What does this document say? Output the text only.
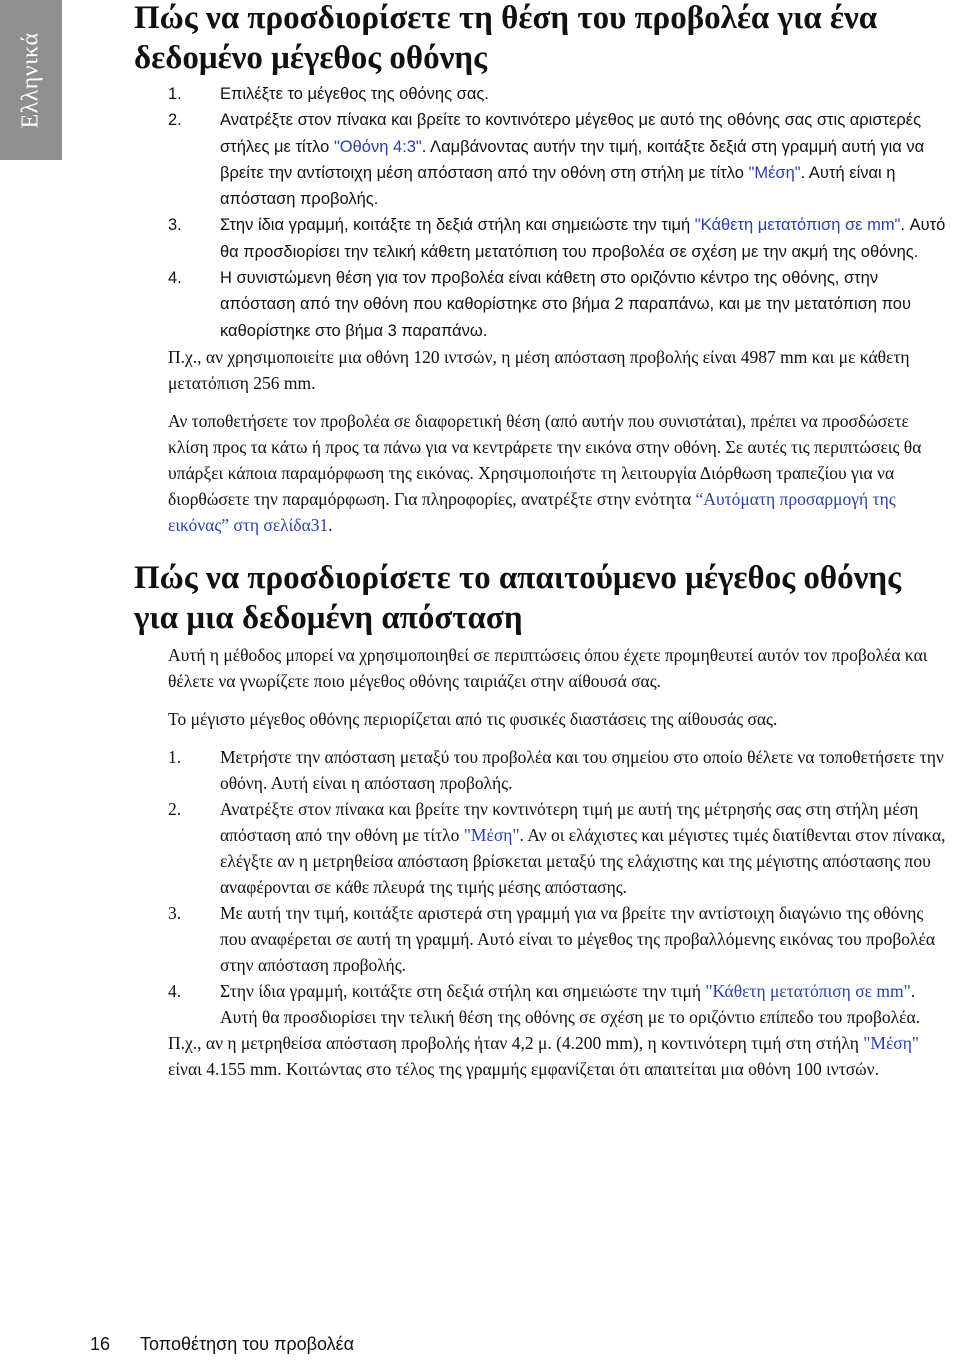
Ελληνικά
Πώς να προσδιορίσετε τη θέση του προβολέα για ένα δεδομένο μέγεθος οθόνης
1. Επιλέξτε το μέγεθος της οθόνης σας.
2. Ανατρέξτε στον πίνακα και βρείτε το κοντινότερο μέγεθος με αυτό της οθόνης σας στις αριστερές στήλες με τίτλο "Οθόνη 4:3". Λαμβάνοντας αυτήν την τιμή, κοιτάξτε δεξιά στη γραμμή αυτή για να βρείτε την αντίστοιχη μέση απόσταση από την οθόνη στη στήλη με τίτλο "Μέση". Αυτή είναι η απόσταση προβολής.
3. Στην ίδια γραμμή, κοιτάξτε τη δεξιά στήλη και σημειώστε την τιμή "Κάθετη μετατόπιση σε mm". Αυτό θα προσδιορίσει την τελική κάθετη μετατόπιση του προβολέα σε σχέση με την ακμή της οθόνης.
4. Η συνιστώμενη θέση για τον προβολέα είναι κάθετη στο οριζόντιο κέντρο της οθόνης, στην απόσταση από την οθόνη που καθορίστηκε στο βήμα 2 παραπάνω, και με την μετατόπιση που καθορίστηκε στο βήμα 3 παραπάνω.

Π.χ., αν χρησιμοποιείτε μια οθόνη 120 ιντσών, η μέση απόσταση προβολής είναι 4987 mm και με κάθετη μετατόπιση 256 mm.

Αν τοποθετήσετε τον προβολέα σε διαφορετική θέση (από αυτήν που συνιστάται), πρέπει να προσδώσετε κλίση προς τα κάτω ή προς τα πάνω για να κεντράρετε την εικόνα στην οθόνη. Σε αυτές τις περιπτώσεις θα υπάρξει κάποια παραμόρφωση της εικόνας. Χρησιμοποιήστε τη λειτουργία Διόρθωση τραπεζίου για να διορθώσετε την παραμόρφωση. Για πληροφορίες, ανατρέξτε στην ενότητα “Αυτόματη προσαρμογή της εικόνας” στη σελίδα31.

Πώς να προσδιορίσετε το απαιτούμενο μέγεθος οθόνης για μια δεδομένη απόσταση

Αυτή η μέθοδος μπορεί να χρησιμοποιηθεί σε περιπτώσεις όπου έχετε προμηθευτεί αυτόν τον προβολέα και θέλετε να γνωρίζετε ποιο μέγεθος οθόνης ταιριάζει στην αίθουσά σας.

Το μέγιστο μέγεθος οθόνης περιορίζεται από τις φυσικές διαστάσεις της αίθουσάς σας.

1. Μετρήστε την απόσταση μεταξύ του προβολέα και του σημείου στο οποίο θέλετε να τοποθετήσετε την οθόνη. Αυτή είναι η απόσταση προβολής.
2. Ανατρέξτε στον πίνακα και βρείτε την κοντινότερη τιμή με αυτή της μέτρησής σας στη στήλη μέση απόσταση από την οθόνη με τίτλο "Μέση". Αν οι ελάχιστες και μέγιστες τιμές διατίθενται στον πίνακα, ελέγξτε αν η μετρηθείσα απόσταση βρίσκεται μεταξύ της ελάχιστης και της μέγιστης απόστασης που αναφέρονται σε κάθε πλευρά της τιμής μέσης απόστασης.
3. Με αυτή την τιμή, κοιτάξτε αριστερά στη γραμμή για να βρείτε την αντίστοιχη διαγώνιο της οθόνης που αναφέρεται σε αυτή τη γραμμή. Αυτό είναι το μέγεθος της προβαλλόμενης εικόνας του προβολέα στην απόσταση προβολής.
4. Στην ίδια γραμμή, κοιτάξτε στη δεξιά στήλη και σημειώστε την τιμή "Κάθετη μετατόπιση σε mm". Αυτή θα προσδιορίσει την τελική θέση της οθόνης σε σχέση με το οριζόντιο επίπεδο του προβολέα.

Π.χ., αν η μετρηθείσα απόσταση προβολής ήταν 4,2 μ. (4.200 mm), η κοντινότερη τιμή στη στήλη "Μέση" είναι 4.155 mm. Κοιτώντας στο τέλος της γραμμής εμφανίζεται ότι απαιτείται μια οθόνη 100 ιντσών.

16 Τοποθέτηση του προβολέα
